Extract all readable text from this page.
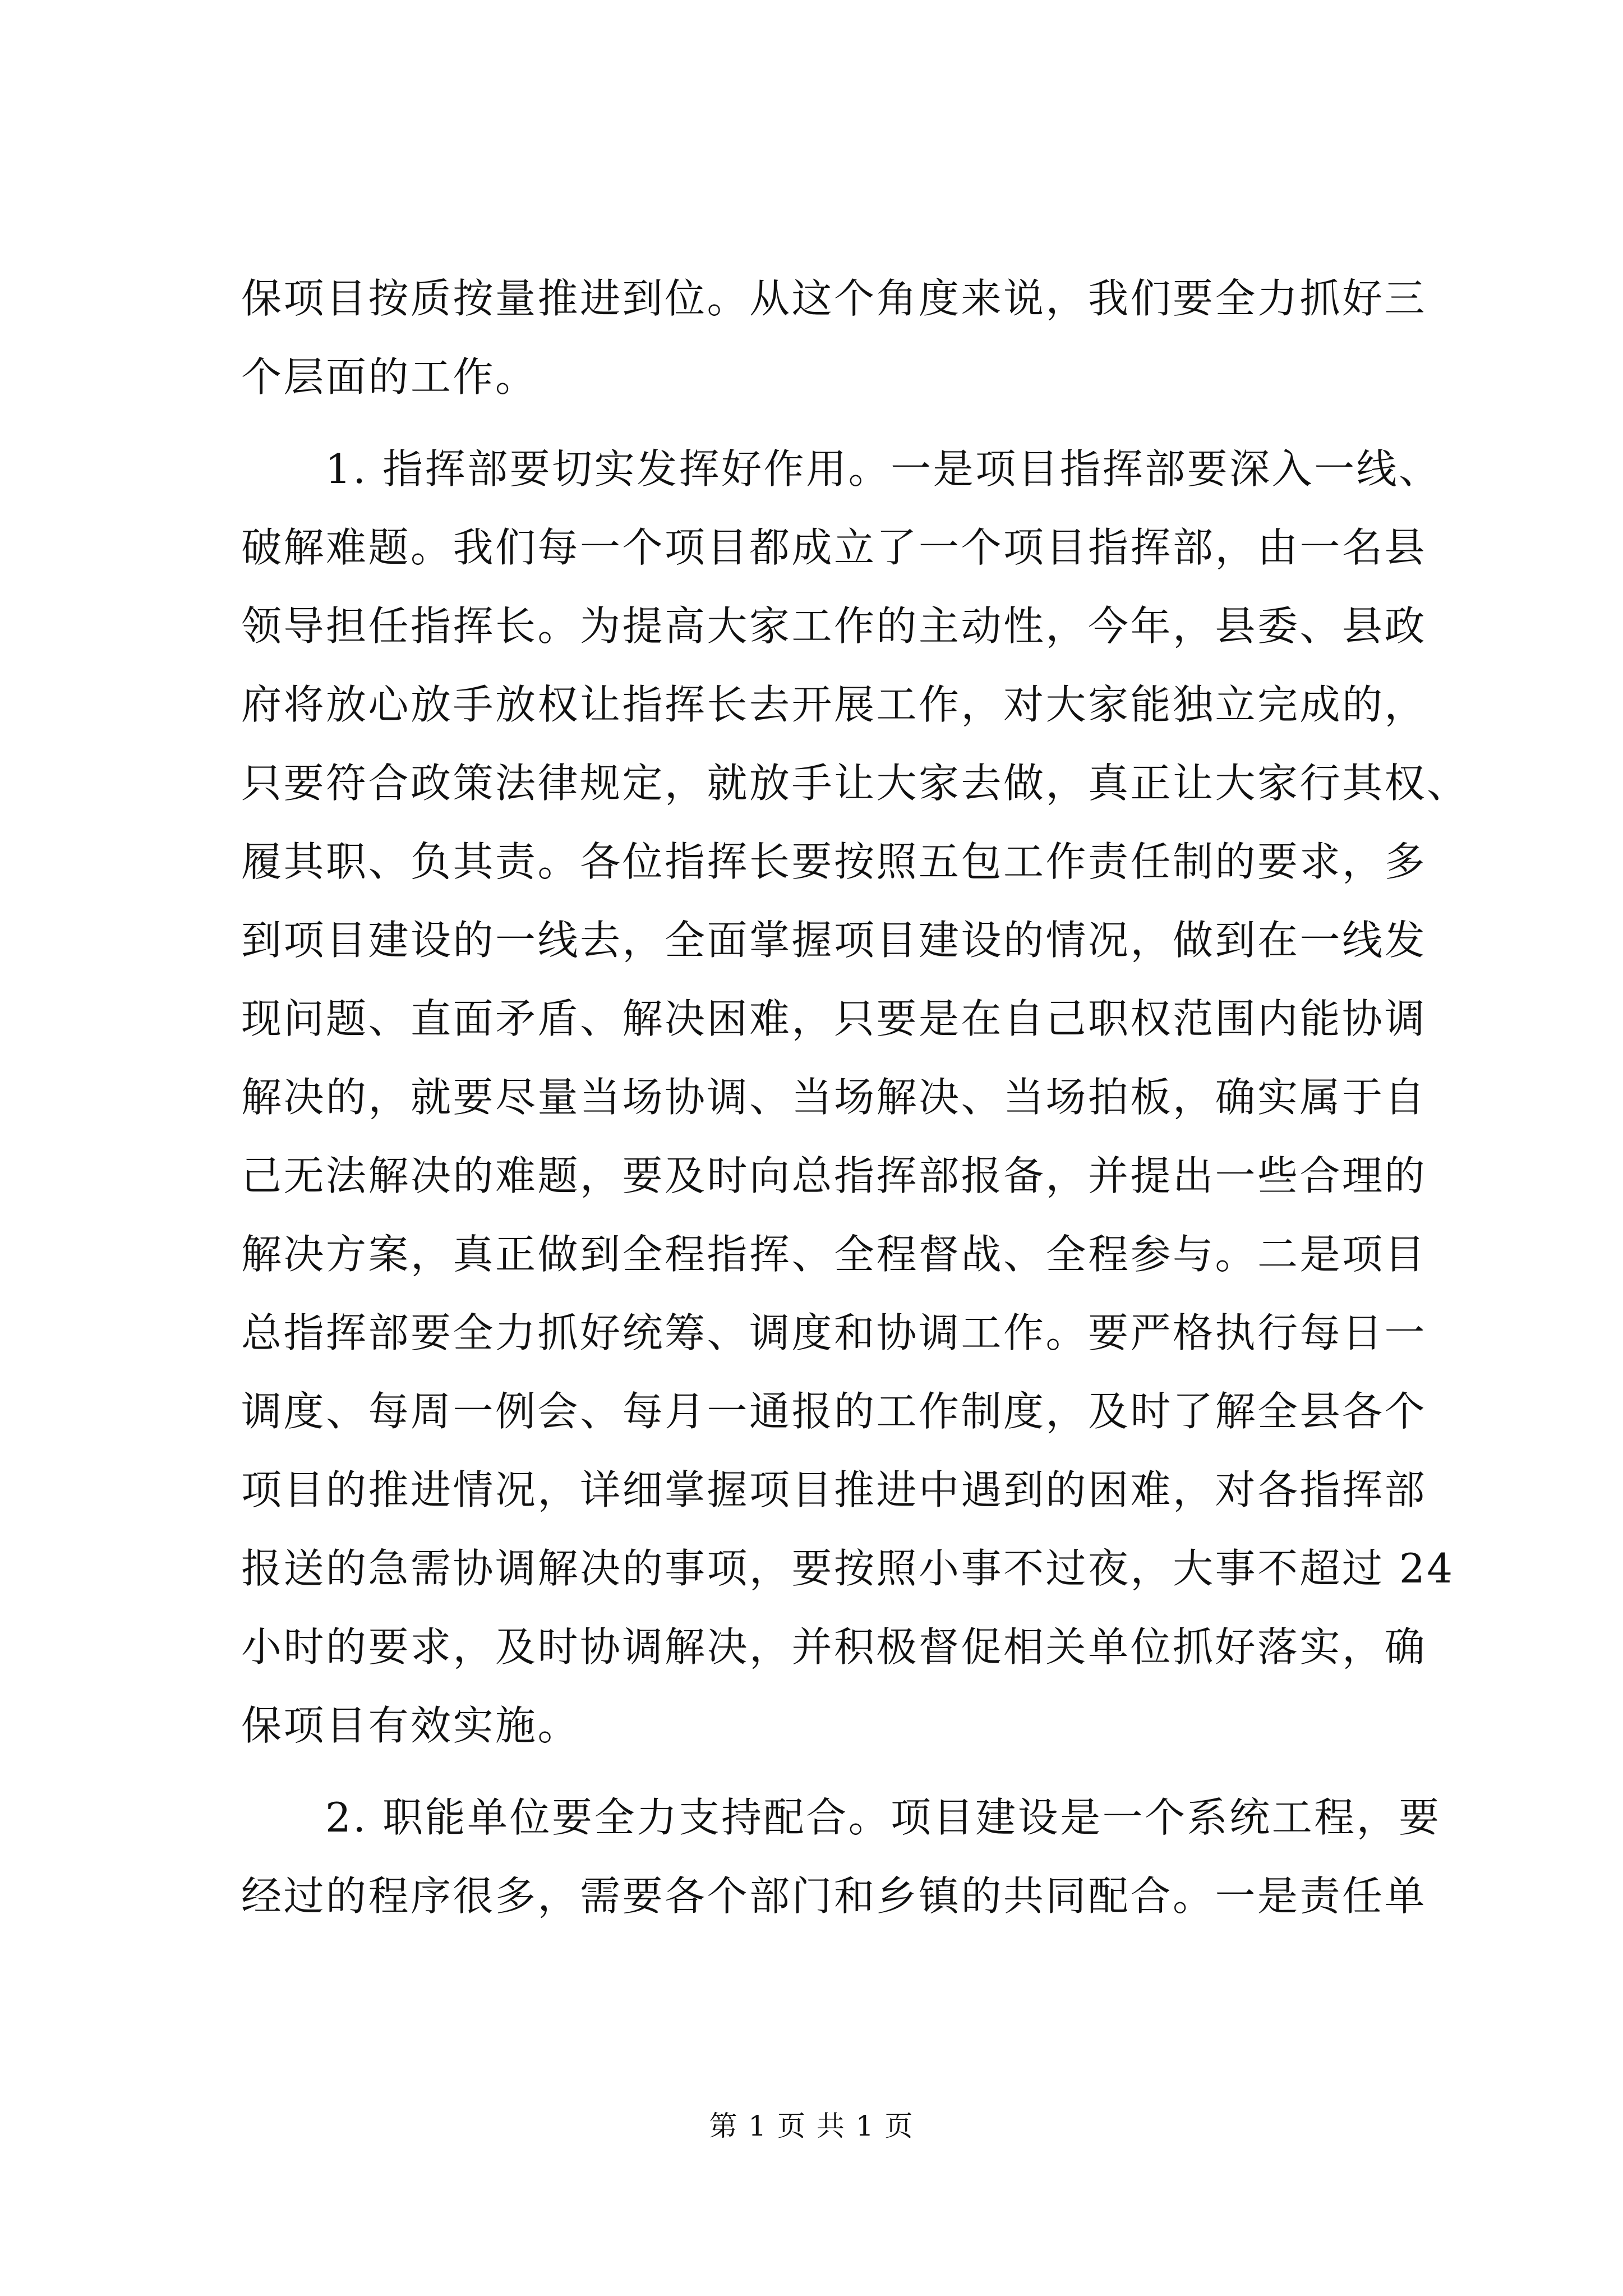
保项目按质按量推进到位。从这个角度来说，我们要全力抓好三
个层面的工作。
1. 指挥部要切实发挥好作用。一是项目指挥部要深入一线、
破解难题。我们每一个项目都成立了一个项目指挥部，由一名县
领导担任指挥长。为提高大家工作的主动性，今年，县委、县政
府将放心放手放权让指挥长去开展工作，对大家能独立完成的，
只要符合政策法律规定，就放手让大家去做，真正让大家行其权、
履其职、负其责。各位指挥长要按照五包工作责任制的要求，多
到项目建设的一线去，全面掌握项目建设的情况，做到在一线发
现问题、直面矛盾、解决困难，只要是在自己职权范围内能协调
解决的，就要尽量当场协调、当场解决、当场拍板，确实属于自
己无法解决的难题，要及时向总指挥部报备，并提出一些合理的
解决方案，真正做到全程指挥、全程督战、全程参与。二是项目
总指挥部要全力抓好统筹、调度和协调工作。要严格执行每日一
调度、每周一例会、每月一通报的工作制度，及时了解全县各个
项目的推进情况，详细掌握项目推进中遇到的困难，对各指挥部
报送的急需协调解决的事项，要按照小事不过夜，大事不超过 24
小时的要求，及时协调解决，并积极督促相关单位抓好落实，确
保项目有效实施。
2. 职能单位要全力支持配合。项目建设是一个系统工程，要
经过的程序很多，需要各个部门和乡镇的共同配合。一是责任单
第 1 页 共 1 页
